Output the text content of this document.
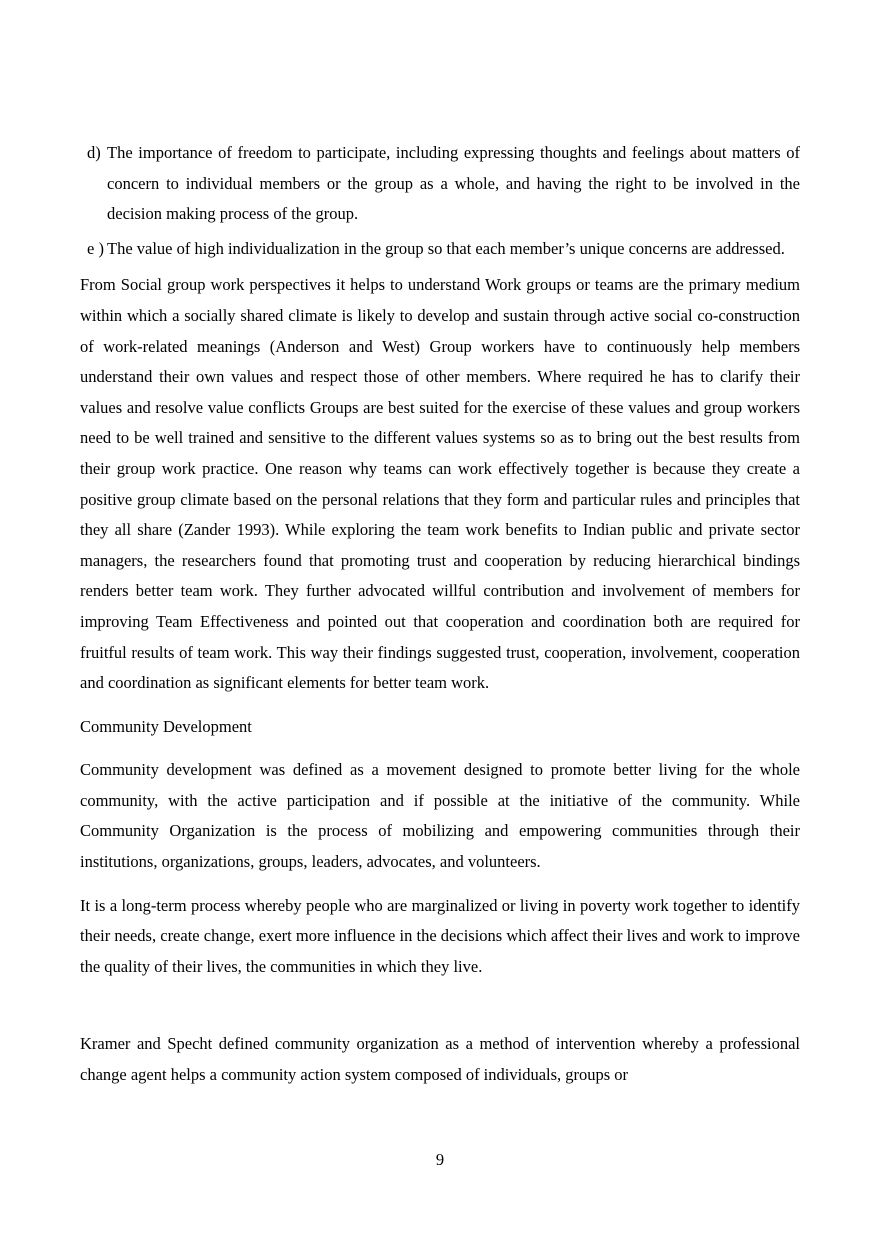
d) The importance of freedom to participate, including expressing thoughts and feelings about matters of concern to individual members or the group as a whole, and having the right to be involved in the decision making process of the group.
e ) The value of high individualization in the group so that each member’s unique concerns are addressed.

From Social group work perspectives it helps to understand Work groups or teams are the primary medium within which a socially shared climate is likely to develop and sustain through active social co-construction of work-related meanings (Anderson and West) Group workers have to continuously help members understand their own values and respect those of other members. Where required he has to clarify their values and resolve value conflicts Groups are best suited for the exercise of these values and group workers need to be well trained and sensitive to the different values systems so as to bring out the best results from their group work practice. One reason why teams can work effectively together is because they create a positive group climate based on the personal relations that they form and particular rules and principles that they all share (Zander 1993). While exploring the team work benefits to Indian public and private sector managers, the researchers found that promoting trust and cooperation by reducing hierarchical bindings renders better team work. They further advocated willful contribution and involvement of members for improving Team Effectiveness and pointed out that cooperation and coordination both are required for fruitful results of team work. This way their findings suggested trust, cooperation, involvement, cooperation and coordination as significant elements for better team work.

Community Development

Community development was defined as a movement designed to promote better living for the whole community, with the active participation and if possible at the initiative of the community. While Community Organization is the process of mobilizing and empowering communities through their institutions, organizations, groups, leaders, advocates, and volunteers.

It is a long-term process whereby people who are marginalized or living in poverty work together to identify their needs, create change, exert more influence in the decisions which affect their lives and work to improve the quality of their lives, the communities in which they live.

Kramer and Specht defined community organization as a method of intervention whereby a professional change agent helps a community action system composed of individuals, groups or

9
